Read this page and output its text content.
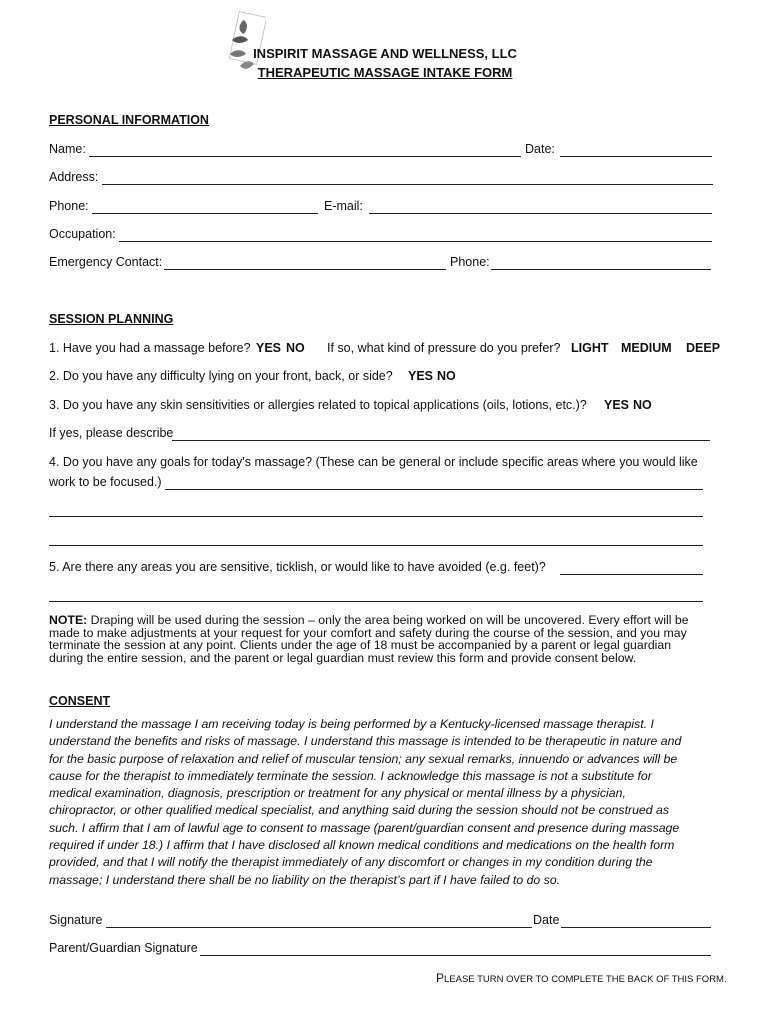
INSPIRIT MASSAGE AND WELLNESS, LLC
THERAPEUTIC MASSAGE INTAKE FORM
PERSONAL INFORMATION
Name:	Date:
Address:
Phone:	E-mail:
Occupation:
Emergency Contact:	Phone:
SESSION PLANNING
1. Have you had a massage before? YES NO If so, what kind of pressure do you prefer? LIGHT MEDIUM DEEP
2. Do you have any difficulty lying on your front, back, or side? YES NO
3. Do you have any skin sensitivities or allergies related to topical applications (oils, lotions, etc.)? YES NO
If yes, please describe
4. Do you have any goals for today’s massage? (These can be general or include specific areas where you would like
work to be focused.)
5. Are there any areas you are sensitive, ticklish, or would like to have avoided (e.g. feet)?
NOTE: Draping will be used during the session – only the area being worked on will be uncovered. Every effort will be
made to make adjustments at your request for your comfort and safety during the course of the session, and you may
terminate the session at any point. Clients under the age of 18 must be accompanied by a parent or legal guardian
during the entire session, and the parent or legal guardian must review this form and provide consent below.
CONSENT
I understand the massage I am receiving today is being performed by a Kentucky-licensed massage therapist. I
understand the benefits and risks of massage. I understand this massage is intended to be therapeutic in nature and
for the basic purpose of relaxation and relief of muscular tension; any sexual remarks, innuendo or advances will be
cause for the therapist to immediately terminate the session. I acknowledge this massage is not a substitute for
medical examination, diagnosis, prescription or treatment for any physical or mental illness by a physician,
chiropractor, or other qualified medical specialist, and anything said during the session should not be construed as
such. I affirm that I am of lawful age to consent to massage (parent/guardian consent and presence during massage
required if under 18.) I affirm that I have disclosed all known medical conditions and medications on the health form
provided, and that I will notify the therapist immediately of any discomfort or changes in my condition during the
massage; I understand there shall be no liability on the therapist’s part if I have failed to do so.
Signature	Date
Parent/Guardian Signature
PLEASE TURN OVER TO COMPLETE THE BACK OF THIS FORM.
